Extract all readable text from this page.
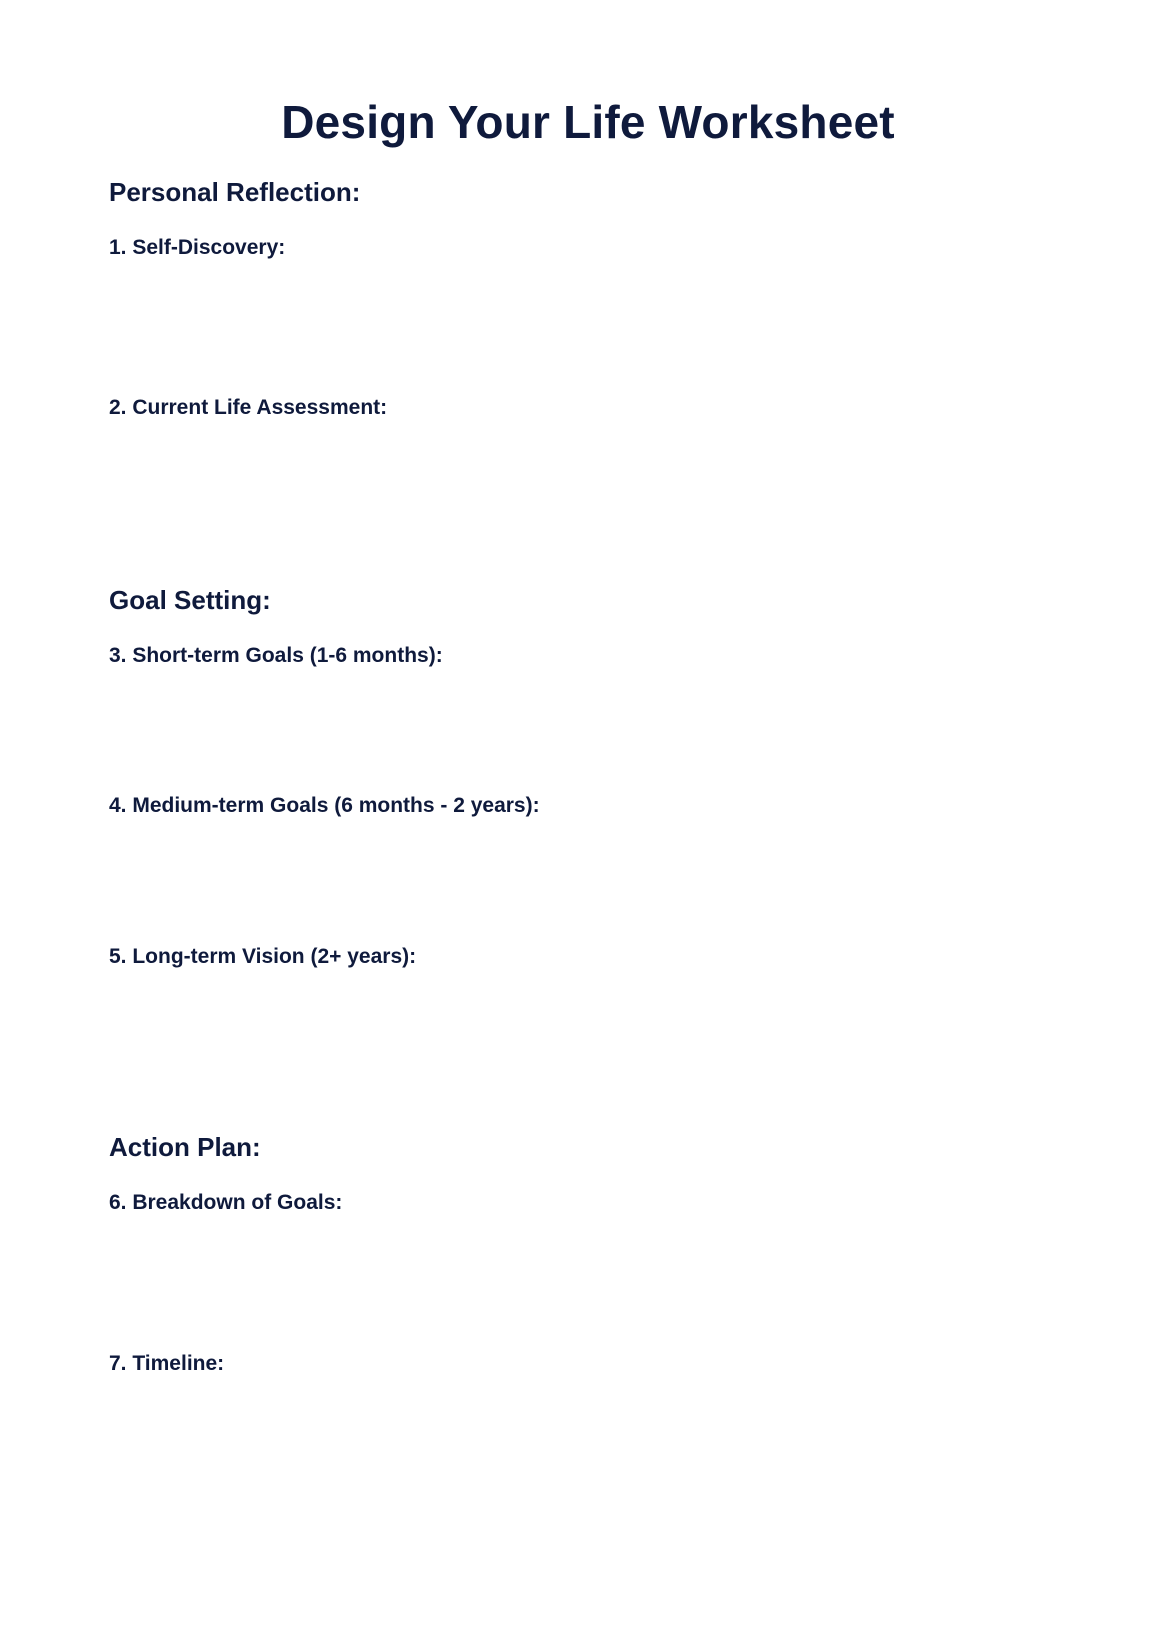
Design Your Life Worksheet
Personal Reflection:
1. Self-Discovery:
2. Current Life Assessment:
Goal Setting:
3. Short-term Goals (1-6 months):
4. Medium-term Goals (6 months - 2 years):
5. Long-term Vision (2+ years):
Action Plan:
6. Breakdown of Goals:
7. Timeline:
